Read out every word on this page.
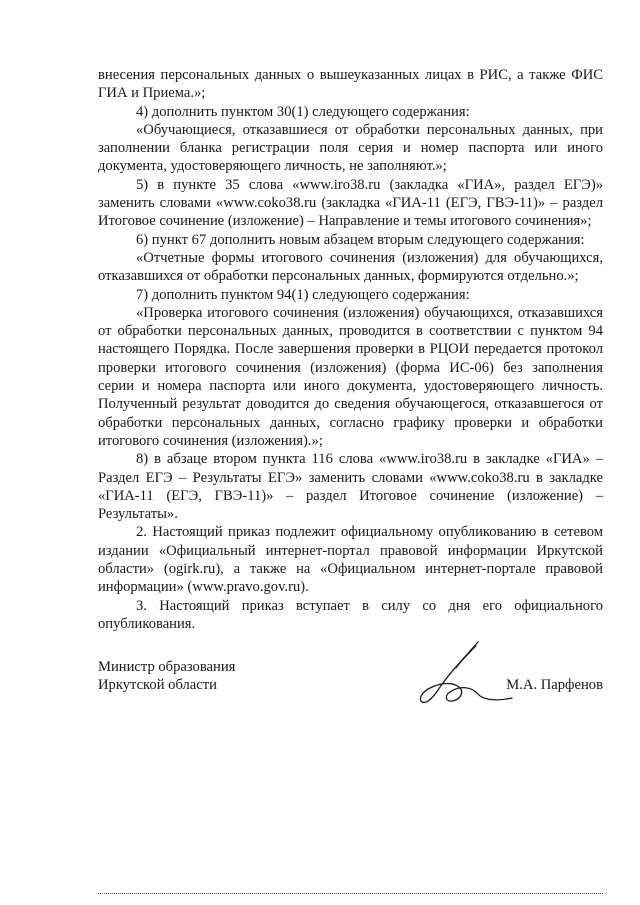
внесения персональных данных о вышеуказанных лицах в РИС, а также ФИС ГИА и Приема.»;

4) дополнить пунктом 30(1) следующего содержания:

«Обучающиеся, отказавшиеся от обработки персональных данных, при заполнении бланка регистрации поля серия и номер паспорта или иного документа, удостоверяющего личность, не заполняют.»;

5) в пункте 35 слова «www.iro38.ru (закладка «ГИА», раздел ЕГЭ)» заменить словами «www.coko38.ru (закладка «ГИА-11 (ЕГЭ, ГВЭ-11)» – раздел Итоговое сочинение (изложение) – Направление и темы итогового сочинения»;

6) пункт 67 дополнить новым абзацем вторым следующего содержания:

«Отчетные формы итогового сочинения (изложения) для обучающихся, отказавшихся от обработки персональных данных, формируются отдельно.»;

7) дополнить пунктом 94(1) следующего содержания:

«Проверка итогового сочинения (изложения) обучающихся, отказавшихся от обработки персональных данных, проводится в соответствии с пунктом 94 настоящего Порядка. После завершения проверки в РЦОИ передается протокол проверки итогового сочинения (изложения) (форма ИС-06) без заполнения серии и номера паспорта или иного документа, удостоверяющего личность. Полученный результат доводится до сведения обучающегося, отказавшегося от обработки персональных данных, согласно графику проверки и обработки итогового сочинения (изложения).»;

8) в абзаце втором пункта 116 слова «www.iro38.ru в закладке «ГИА» – Раздел ЕГЭ – Результаты ЕГЭ» заменить словами «www.coko38.ru в закладке «ГИА-11 (ЕГЭ, ГВЭ-11)» – раздел Итоговое сочинение (изложение) – Результаты».

2. Настоящий приказ подлежит официальному опубликованию в сетевом издании «Официальный интернет-портал правовой информации Иркутской области» (ogirk.ru), а также на «Официальном интернет-портале правовой информации» (www.pravo.gov.ru).

3. Настоящий приказ вступает в силу со дня его официального опубликования.

Министр образования
Иркутской области	М.А. Парфенов
